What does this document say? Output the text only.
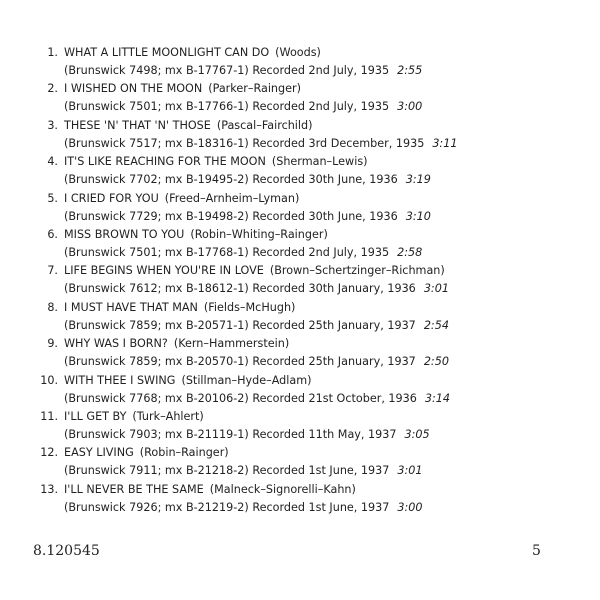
1. WHAT A LITTLE MOONLIGHT CAN DO (Woods)
(Brunswick 7498; mx B-17767-1) Recorded 2nd July, 1935 2:55
2. I WISHED ON THE MOON (Parker–Rainger)
(Brunswick 7501; mx B-17766-1) Recorded 2nd July, 1935 3:00
3. THESE 'N' THAT 'N' THOSE (Pascal–Fairchild)
(Brunswick 7517; mx B-18316-1) Recorded 3rd December, 1935 3:11
4. IT'S LIKE REACHING FOR THE MOON (Sherman–Lewis)
(Brunswick 7702; mx B-19495-2) Recorded 30th June, 1936 3:19
5. I CRIED FOR YOU (Freed–Arnheim–Lyman)
(Brunswick 7729; mx B-19498-2) Recorded 30th June, 1936 3:10
6. MISS BROWN TO YOU (Robin–Whiting–Rainger)
(Brunswick 7501; mx B-17768-1) Recorded 2nd July, 1935 2:58
7. LIFE BEGINS WHEN YOU'RE IN LOVE (Brown–Schertzinger–Richman)
(Brunswick 7612; mx B-18612-1) Recorded 30th January, 1936 3:01
8. I MUST HAVE THAT MAN (Fields–McHugh)
(Brunswick 7859; mx B-20571-1) Recorded 25th January, 1937 2:54
9. WHY WAS I BORN? (Kern–Hammerstein)
(Brunswick 7859; mx B-20570-1) Recorded 25th January, 1937 2:50
10. WITH THEE I SWING (Stillman–Hyde–Adlam)
(Brunswick 7768; mx B-20106-2) Recorded 21st October, 1936 3:14
11. I'LL GET BY (Turk–Ahlert)
(Brunswick 7903; mx B-21119-1) Recorded 11th May, 1937 3:05
12. EASY LIVING (Robin–Rainger)
(Brunswick 7911; mx B-21218-2) Recorded 1st June, 1937 3:01
13. I'LL NEVER BE THE SAME (Malneck–Signorelli–Kahn)
(Brunswick 7926; mx B-21219-2) Recorded 1st June, 1937 3:00
8.120545	5
